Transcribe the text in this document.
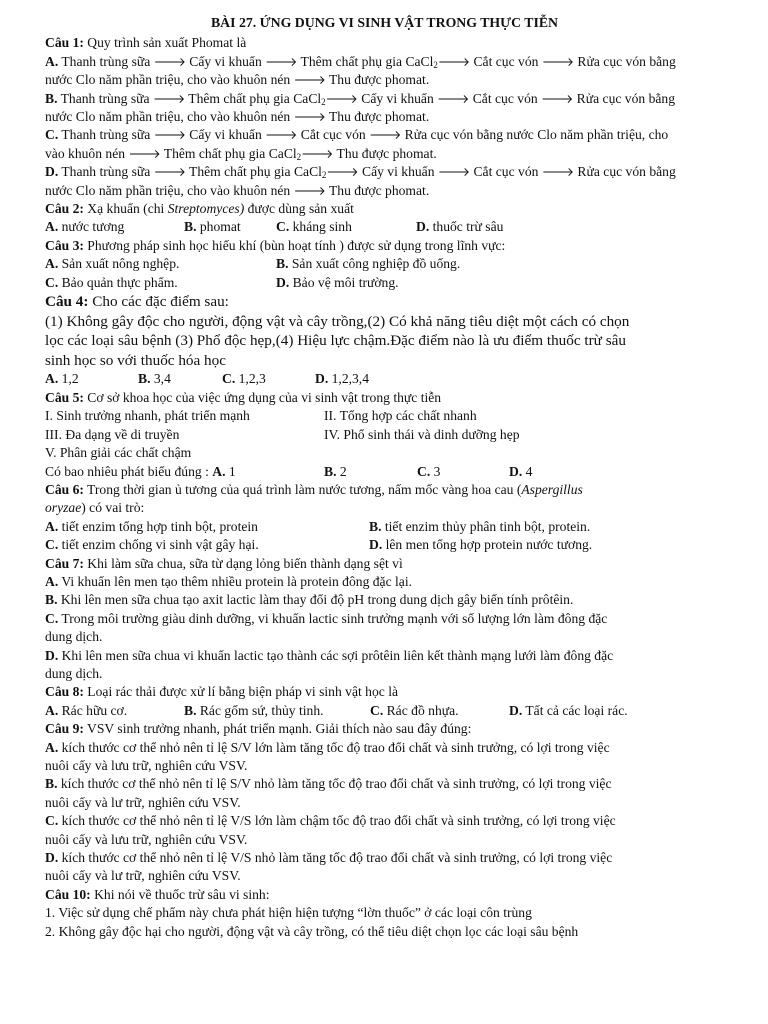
BÀI 27. ỨNG DỤNG VI SINH VẬT TRONG THỰC TIỄN
Câu 1: Quy trình sản xuất Phomat là
A. Thanh trùng sữa 🡒 Cấy vi khuẩn 🡒 Thêm chất phụ gia CaCl$_2$🡒 Cắt cục vón 🡒 Rửa cục vón bằng
nước Clo năm phần triệu, cho vào khuôn nén 🡒 Thu được phomat.
B. Thanh trùng sữa 🡒 Thêm chất phụ gia CaCl$_2$🡒 Cấy vi khuẩn 🡒 Cắt cục vón 🡒 Rửa cục vón bằng
nước Clo năm phần triệu, cho vào khuôn nén 🡒 Thu được phomat.
C. Thanh trùng sữa 🡒 Cấy vi khuẩn 🡒 Cắt cục vón 🡒 Rửa cục vón bằng nước Clo năm phần triệu, cho
vào khuôn nén 🡒 Thêm chất phụ gia CaCl$_2$🡒 Thu được phomat.
D. Thanh trùng sữa 🡒 Thêm chất phụ gia CaCl$_2$🡒 Cấy vi khuẩn 🡒 Cắt cục vón 🡒 Rửa cục vón bằng
nước Clo năm phần triệu, cho vào khuôn nén 🡒 Thu được phomat.
Câu 2: Xạ khuẩn (chi Streptomyces) được dùng sản xuất
A. nước tương	B. phomat	C. kháng sinh	D. thuốc trừ sâu
Câu 3: Phương pháp sinh học hiếu khí (bùn hoạt tính ) được sử dụng trong lĩnh vực:
A. Sản xuất nông nghệp.	B. Sản xuất công nghiệp đồ uống.
C. Bảo quản thực phẩm.	D. Bảo vệ môi trường.
Câu 4: Cho các đặc điểm sau:
(1) Không gây độc cho người, động vật và cây trồng,(2) Có khả năng tiêu diệt một cách có chọn
lọc các loại sâu bệnh (3) Phổ độc hẹp,(4) Hiệu lực chậm.Đặc điểm nào là ưu điểm thuốc trừ sâu
sinh học so với thuốc hóa học
A. 1,2	B. 3,4	C. 1,2,3	D. 1,2,3,4
Câu 5: Cơ sở khoa học của việc ứng dụng của vi sinh vật trong thực tiễn
I. Sinh trưởng nhanh, phát triển mạnh	II. Tổng hợp các chất nhanh
III. Đa dạng về di truyền	IV. Phổ sinh thái và dinh dưỡng hẹp
V. Phân giải các chất chậm
Có bao nhiêu phát biểu đúng : A. 1	B. 2	C. 3	D. 4
Câu 6: Trong thời gian ủ tương của quá trình làm nước tương, nấm mốc vàng hoa cau (Aspergillus
oryzae) có vai trò:
A. tiết enzim tổng hợp tinh bột, protein	B. tiết enzim thủy phân tinh bột, protein.
C. tiết enzim chống vi sinh vật gây hại.	D. lên men tổng hợp protein nước tương.
Câu 7: Khi làm sữa chua, sữa từ dạng lỏng biến thành dạng sệt vì
A. Vi khuẩn lên men tạo thêm nhiều protein là protein đông đặc lại.
B. Khi lên men sữa chua tạo axit lactic làm thay đổi độ pH trong dung dịch gây biến tính prôtêin.
C. Trong môi trường giàu dinh dưỡng, vi khuẩn lactic sinh trưởng mạnh với số lượng lớn làm đông đặc
dung dịch.
D. Khi lên men sữa chua vi khuẩn lactic tạo thành các sợi prôtêin liên kết thành mạng lưới làm đông đặc
dung dịch.
Câu 8: Loại rác thải được xử lí bằng biện pháp vi sinh vật học là
A. Rác hữu cơ.	B. Rác gốm sứ, thủy tinh.	C. Rác đồ nhựa.	D. Tất cả các loại rác.
Câu 9: VSV sinh trưởng nhanh, phát triển mạnh. Giải thích nào sau đây đúng:
A. kích thước cơ thể nhỏ nên tỉ lệ S/V lớn làm tăng tốc độ trao đổi chất và sinh trưởng, có lợi trong việc
nuôi cấy và lưu trữ, nghiên cứu VSV.
B. kích thước cơ thể nhỏ nên tỉ lệ S/V nhỏ làm tăng tốc độ trao đổi chất và sinh trưởng, có lợi trong việc
nuôi cấy và lư trữ, nghiên cứu VSV.
C. kích thước cơ thể nhỏ nên tỉ lệ V/S lớn làm chậm tốc độ trao đổi chất và sinh trưởng, có lợi trong việc
nuôi cấy và lưu trữ, nghiên cứu VSV.
D. kích thước cơ thể nhỏ nên tỉ lệ V/S nhỏ làm tăng tốc độ trao đổi chất và sinh trưởng, có lợi trong việc
nuôi cấy và lư trữ, nghiên cứu VSV.
Câu 10: Khi nói về thuốc trừ sâu vi sinh:
1. Việc sử dụng chế phẩm này chưa phát hiện hiện tượng “lờn thuốc” ở các loại côn trùng
2. Không gây độc hại cho người, động vật và cây trồng, có thể tiêu diệt chọn lọc các loại sâu bệnh
